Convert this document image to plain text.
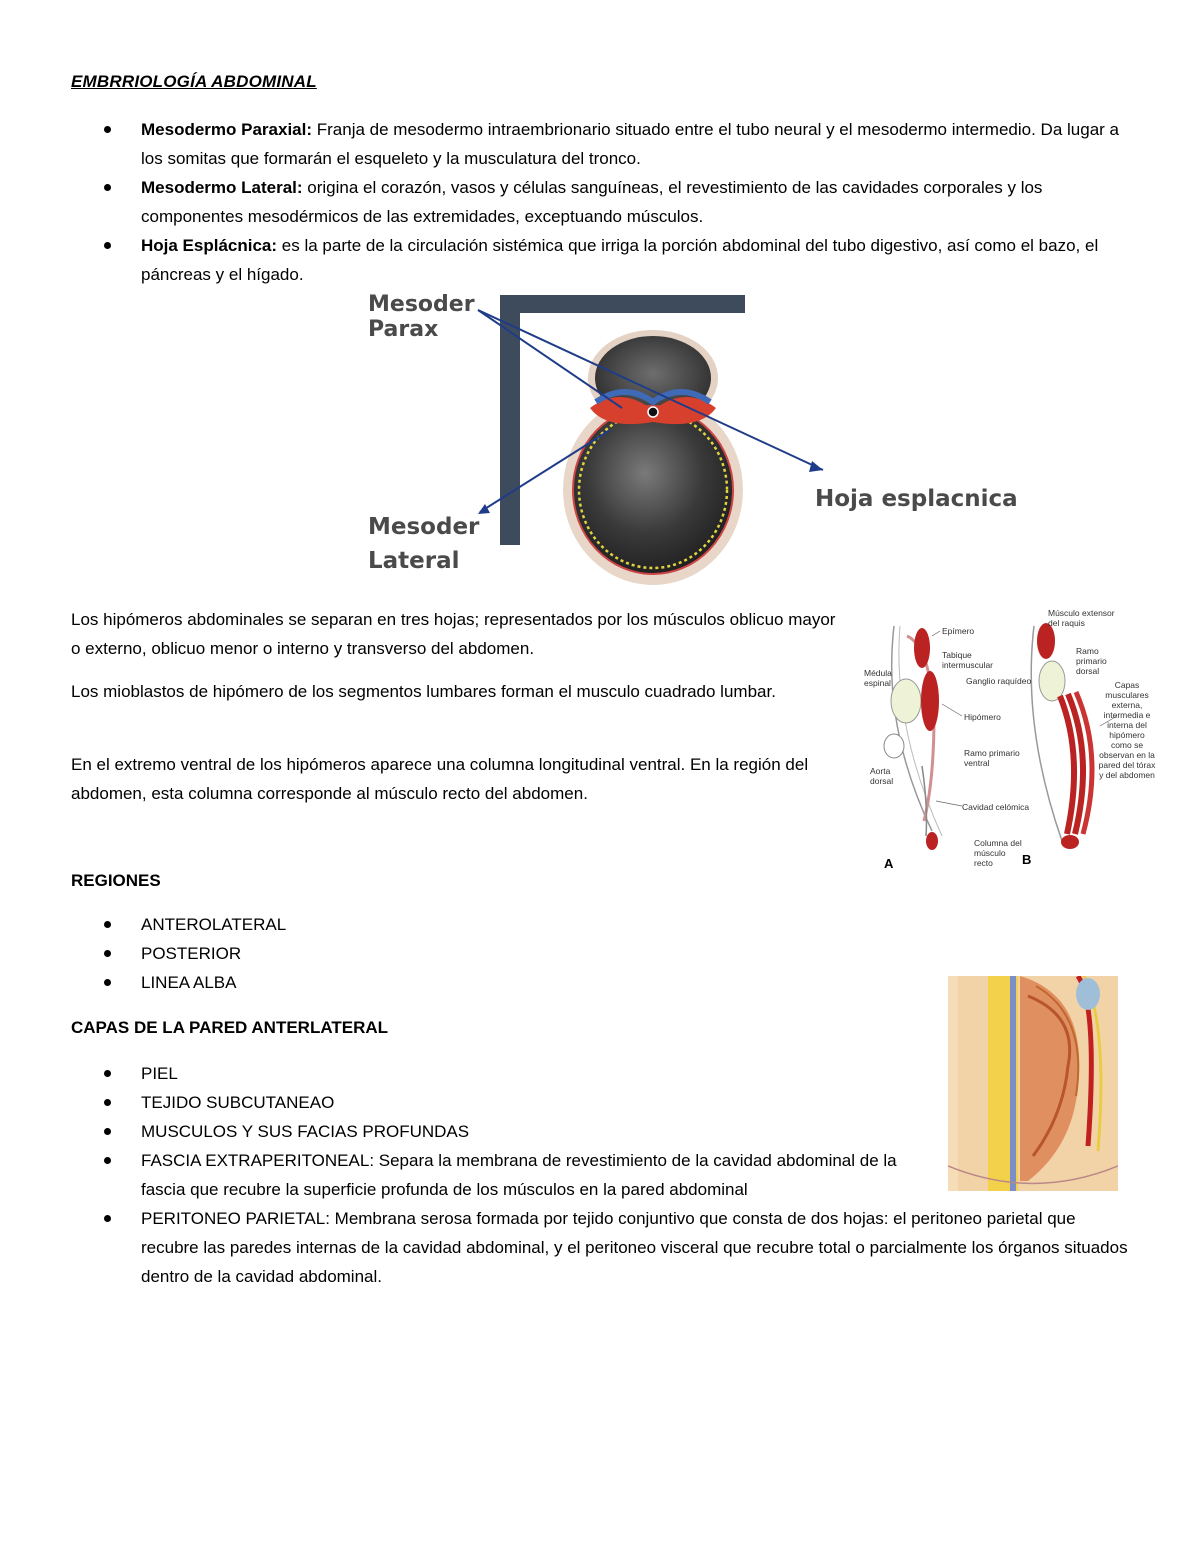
EMBRRIOLOGÍA ABDOMINAL
Mesodermo Paraxial: Franja de mesodermo intraembrionario situado entre el tubo neural y el mesodermo intermedio. Da lugar a los somitas que formarán el esqueleto y la musculatura del tronco.
Mesodermo Lateral: origina el corazón, vasos y células sanguíneas, el revestimiento de las cavidades corporales y los componentes mesodérmicos de las extremidades, exceptuando músculos.
Hoja Esplácnica: es la parte de la circulación sistémica que irriga la porción abdominal del tubo digestivo, así como el bazo, el páncreas y el hígado.
Mesoder
Parax
Mesoder
Lateral
Hoja esplacnica
Los hipómeros abdominales se separan en tres hojas; representados por los músculos oblicuo mayor o externo, oblicuo menor o interno y transverso del abdomen.
Los mioblastos de hipómero de los segmentos lumbares forman el musculo cuadrado lumbar.
En el extremo ventral de los hipómeros aparece una columna longitudinal ventral. En la región del abdomen, esta columna corresponde al músculo recto del abdomen.
Epímero
Tabique intermuscular
Médula espinal	Ganglio raquídeo
Hipómero
Aorta dorsal
Ramo primario ventral
Cavidad celómica
Columna del músculo recto
Músculo extensor del raquis
Ramo primario dorsal
Capas musculares externa, intermedia e interna del hipómero como se observan en la pared del tórax y del abdomen
A	B
REGIONES
ANTEROLATERAL
POSTERIOR
LINEA ALBA
CAPAS DE LA PARED ANTERLATERAL
PIEL
TEJIDO SUBCUTANEAO
MUSCULOS Y SUS FACIAS PROFUNDAS
FASCIA EXTRAPERITONEAL: Separa la membrana de revestimiento de la cavidad abdominal de la fascia que recubre la superficie profunda de los músculos en la pared abdominal
PERITONEO PARIETAL: Membrana serosa formada por tejido conjuntivo que consta de dos hojas: el peritoneo parietal que recubre las paredes internas de la cavidad abdominal, y el peritoneo visceral que recubre total o parcialmente los órganos situados dentro de la cavidad abdominal.
